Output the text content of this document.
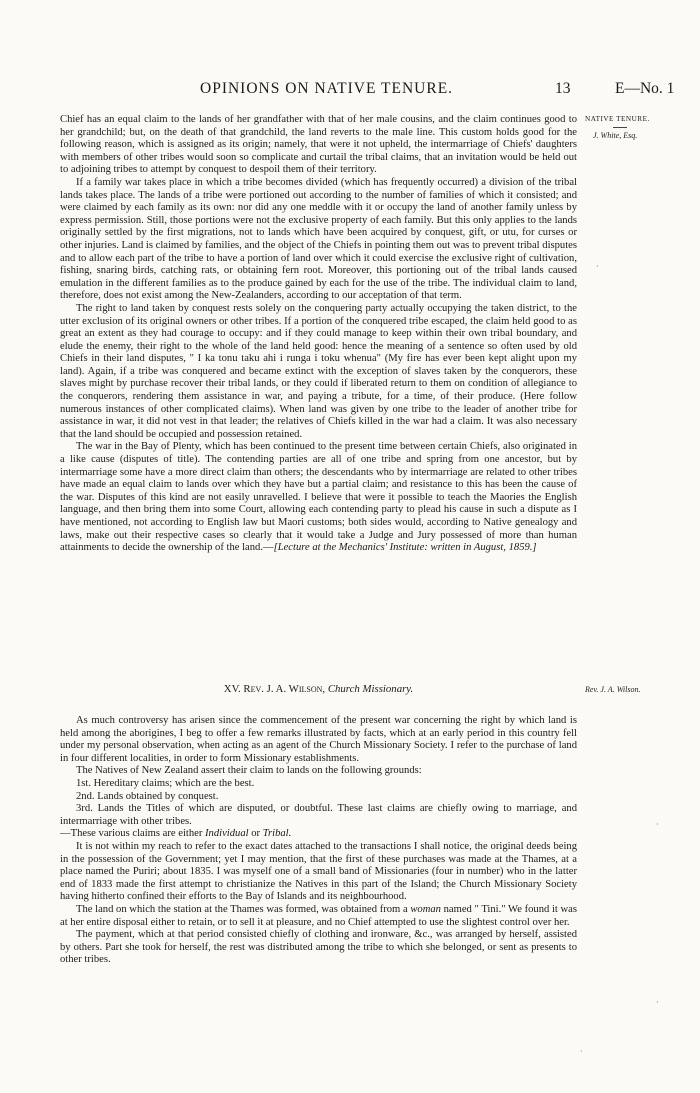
OPINIONS ON NATIVE TENURE.	13	E—No. 1
NATIVE TENURE.
J. White, Esq.
Rev. J. A. Wilson.

Chief has an equal claim to the lands of her grandfather with that of her male cousins, and the claim continues good to her grandchild; but, on the death of that grandchild, the land reverts to the male line. This custom holds good for the following reason, which is assigned as its origin; namely, that were it not upheld, the intermarriage of Chiefs' daughters with members of other tribes would soon so complicate and curtail the tribal claims, that an invitation would be held out to adjoining tribes to attempt by conquest to despoil them of their territory.

If a family war takes place in which a tribe becomes divided (which has frequently occurred) a division of the tribal lands takes place. The lands of a tribe were portioned out according to the number of families of which it consisted; and were claimed by each family as its own: nor did any one meddle with it or occupy the land of another family unless by express permission. Still, those portions were not the exclusive property of each family. But this only applies to the lands originally settled by the first migrations, not to lands which have been acquired by conquest, gift, or utu, for curses or other injuries. Land is claimed by families, and the object of the Chiefs in pointing them out was to prevent tribal disputes and to allow each part of the tribe to have a portion of land over which it could exercise the exclusive right of cultivation, fishing, snaring birds, catching rats, or obtaining fern root. Moreover, this portioning out of the tribal lands caused emulation in the different families as to the produce gained by each for the use of the tribe. The individual claim to land, therefore, does not exist among the New-Zealanders, according to our acceptation of that term.

The right to land taken by conquest rests solely on the conquering party actually occupying the taken district, to the utter exclusion of its original owners or other tribes. If a portion of the conquered tribe escaped, the claim held good to as great an extent as they had courage to occupy: and if they could manage to keep within their own tribal boundary, and elude the enemy, their right to the whole of the land held good: hence the meaning of a sentence so often used by old Chiefs in their land disputes, " I ka tonu taku ahi i runga i toku whenua" (My fire has ever been kept alight upon my land). Again, if a tribe was conquered and became extinct with the exception of slaves taken by the conquerors, these slaves might by purchase recover their tribal lands, or they could if liberated return to them on condition of allegiance to the conquerors, rendering them assistance in war, and paying a tribute, for a time, of their produce. (Here follow numerous instances of other complicated claims). When land was given by one tribe to the leader of another tribe for assistance in war, it did not vest in that leader; the relatives of Chiefs killed in the war had a claim. It was also necessary that the land should be occupied and possession retained.

The war in the Bay of Plenty, which has been continued to the present time between certain Chiefs, also originated in a like cause (disputes of title). The contending parties are all of one tribe and spring from one ancestor, but by intermarriage some have a more direct claim than others; the descendants who by intermarriage are related to other tribes have made an equal claim to lands over which they have but a partial claim; and resistance to this has been the cause of the war. Disputes of this kind are not easily unravelled. I believe that were it possible to teach the Maories the English language, and then bring them into some Court, allowing each contending party to plead his cause in such a dispute as I have mentioned, not according to English law but Maori customs; both sides would, according to Native genealogy and laws, make out their respective cases so clearly that it would take a Judge and Jury possessed of more than human attainments to decide the ownership of the land.—[Lecture at the Mechanics' Institute: written in August, 1859.]

XV. Rev. J. A. Wilson, Church Missionary.

As much controversy has arisen since the commencement of the present war concerning the right by which land is held among the aborigines, I beg to offer a few remarks illustrated by facts, which at an early period in this country fell under my personal observation, when acting as an agent of the Church Missionary Society. I refer to the purchase of land in four different localities, in order to form Missionary establishments.

The Natives of New Zealand assert their claim to lands on the following grounds:

1st. Hereditary claims; which are the best.

2nd. Lands obtained by conquest.

3rd. Lands the Titles of which are disputed, or doubtful. These last claims are chiefly owing to marriage, and intermarriage with other tribes.

—These various claims are either Individual or Tribal.

It is not within my reach to refer to the exact dates attached to the transactions I shall notice, the original deeds being in the possession of the Government; yet I may mention, that the first of these purchases was made at the Thames, at a place named the Puriri; about 1835. I was myself one of a small band of Missionaries (four in number) who in the latter end of 1833 made the first attempt to christianize the Natives in this part of the Island; the Church Missionary Society having hitherto confined their efforts to the Bay of Islands and its neighbourhood.

The land on which the station at the Thames was formed, was obtained from a woman named " Tini." We found it was at her entire disposal either to retain, or to sell it at pleasure, and no Chief attempted to use the slightest control over her.

The payment, which at that period consisted chiefly of clothing and ironware, &c., was arranged by herself, assisted by others. Part she took for herself, the rest was distributed among the tribe to which she belonged, or sent as presents to other tribes.

·
·
·
·
